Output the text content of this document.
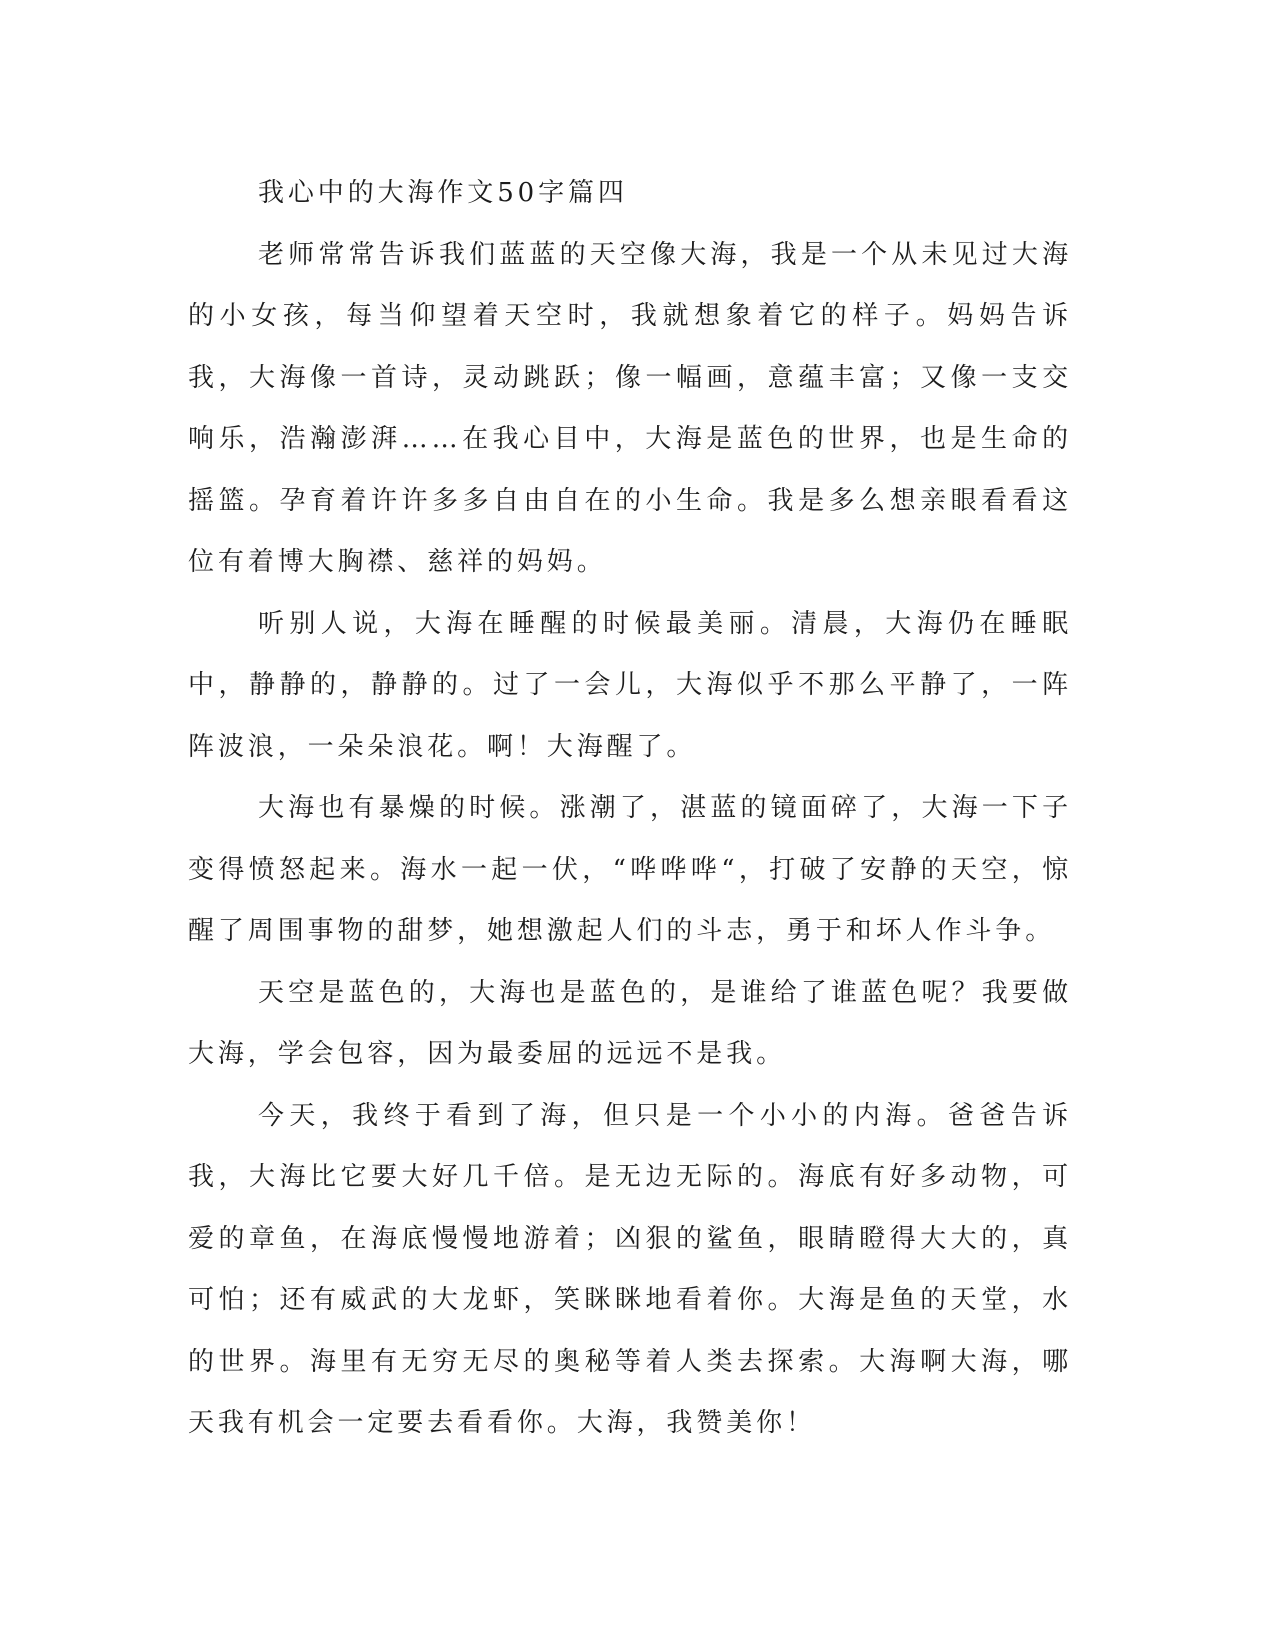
我心中的大海作文50字篇四

老师常常告诉我们蓝蓝的天空像大海，我是一个从未见过大海的小女孩，每当仰望着天空时，我就想象着它的样子。妈妈告诉我，大海像一首诗，灵动跳跃；像一幅画，意蕴丰富；又像一支交响乐，浩瀚澎湃……在我心目中，大海是蓝色的世界，也是生命的摇篮。孕育着许许多多自由自在的小生命。我是多么想亲眼看看这位有着博大胸襟、慈祥的妈妈。

听别人说，大海在睡醒的时候最美丽。清晨，大海仍在睡眠中，静静的，静静的。过了一会儿，大海似乎不那么平静了，一阵阵波浪，一朵朵浪花。啊！大海醒了。

大海也有暴燥的时候。涨潮了，湛蓝的镜面碎了，大海一下子变得愤怒起来。海水一起一伏，“哗哗哗“，打破了安静的天空，惊醒了周围事物的甜梦，她想激起人们的斗志，勇于和坏人作斗争。

天空是蓝色的，大海也是蓝色的，是谁给了谁蓝色呢？我要做大海，学会包容，因为最委屈的远远不是我。

今天，我终于看到了海，但只是一个小小的内海。爸爸告诉我，大海比它要大好几千倍。是无边无际的。海底有好多动物，可爱的章鱼，在海底慢慢地游着；凶狠的鲨鱼，眼睛瞪得大大的，真可怕；还有威武的大龙虾，笑眯眯地看着你。大海是鱼的天堂，水的世界。海里有无穷无尽的奥秘等着人类去探索。大海啊大海，哪天我有机会一定要去看看你。大海，我赞美你！
